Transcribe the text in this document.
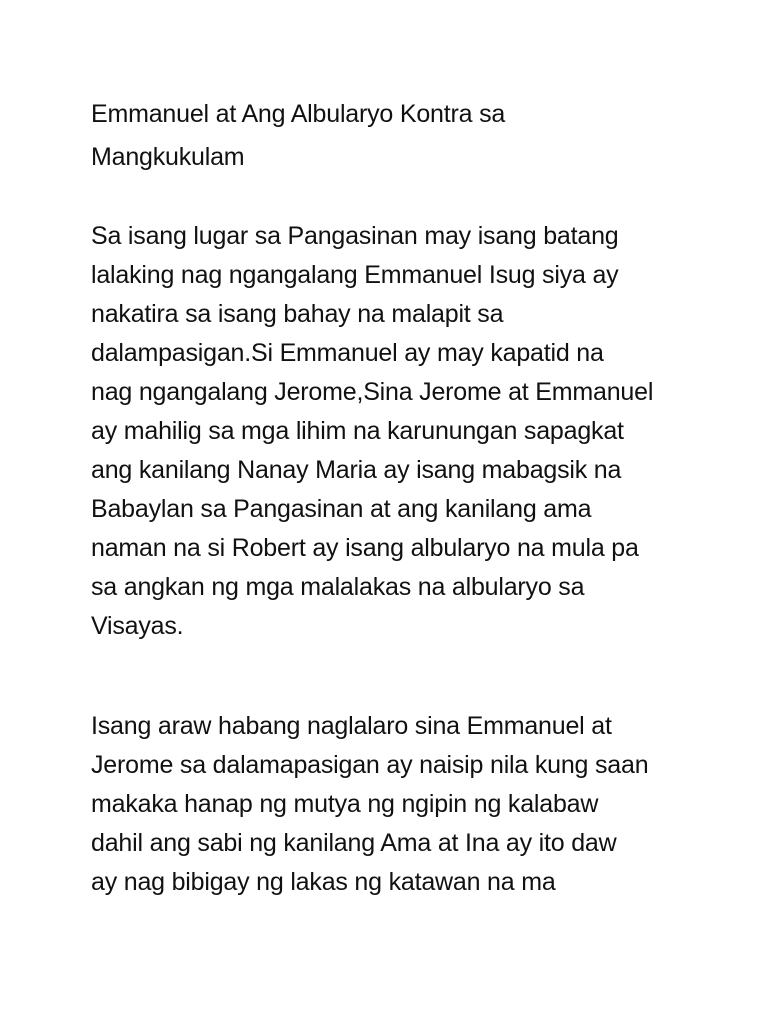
Emmanuel at Ang Albularyo Kontra sa
Mangkukulam
Sa isang lugar sa Pangasinan may isang batang
lalaking nag ngangalang Emmanuel Isug siya ay
nakatira sa isang bahay na malapit sa
dalampasigan.Si Emmanuel ay may kapatid na
nag ngangalang Jerome,Sina Jerome at Emmanuel
ay mahilig sa mga lihim na karunungan sapagkat
ang kanilang Nanay Maria ay isang mabagsik na
Babaylan sa Pangasinan at ang kanilang ama
naman na si Robert ay isang albularyo na mula pa
sa angkan ng mga malalakas na albularyo sa
Visayas.
Isang araw habang naglalaro sina Emmanuel at
Jerome sa dalamapasigan ay naisip nila kung saan
makaka hanap ng mutya ng ngipin ng kalabaw
dahil ang sabi ng kanilang Ama at Ina ay ito daw
ay nag bibigay ng lakas ng katawan na ma
